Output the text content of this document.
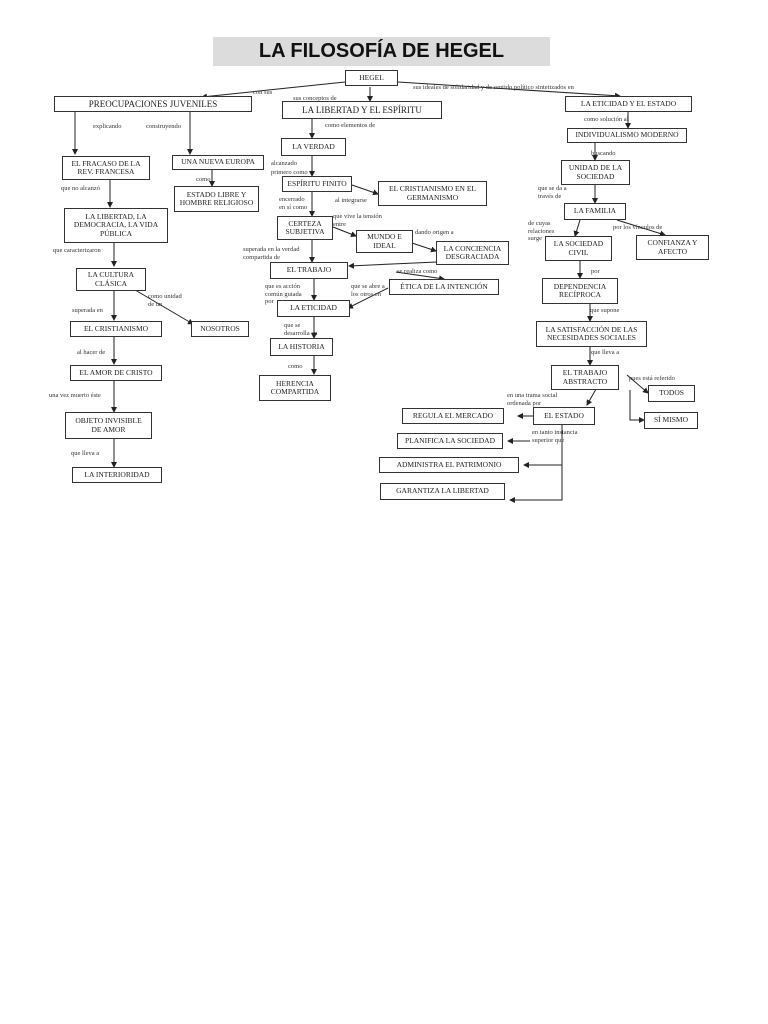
LA FILOSOFÍA DE HEGEL
HEGEL
PREOCUPACIONES JUVENILES
LA LIBERTAD Y EL ESPÍRITU
LA ETICIDAD Y EL ESTADO
INDIVIDUALISMO MODERNO
EL FRACASO DE LA
REV. FRANCESA
UNA NUEVA EUROPA
LA VERDAD
UNIDAD DE LA
SOCIEDAD
ESPÍRITU FINITO
EL CRISTIANISMO EN EL
GERMANISMO
ESTADO LIBRE Y
HOMBRE RELIGIOSO
LA LIBERTAD, LA
DEMOCRACIA, LA VIDA
PÚBLICA
LA FAMILIA
CERTEZA
SUBJETIVA
MUNDO E
IDEAL	LA CONCIENCIA
DESGRACIADA
LA SOCIEDAD
CIVIL
CONFIANZA Y
AFECTO
LA CULTURA
CLÁSICA
EL TRABAJO
ÉTICA DE LA INTENCIÓN	DEPENDENCIA
RECÍPROCA
LA ETICIDAD
EL CRISTIANISMO	NOSOTROS	LA SATISFACCIÓN DE LAS
NECESIDADES SOCIALES
LA HISTORIA
EL AMOR DE CRISTO	EL TRABAJO
ABSTRACTO
HERENCIA
COMPARTIDA	TODOS
REGULA EL MERCADO	EL ESTADO	SÍ MISMO
OBJETO INVISIBLE
DE AMOR
PLANIFICA LA SOCIEDAD
ADMINISTRA EL PATRIMONIO
LA INTERIORIDAD
GARANTIZA LA LIBERTAD
con sus
sus conceptos de
sus ideales de solidaridad y de sentido político sintetizados en
explicando	construyendo	como elementos de
como solución al
buscando
alcanzado
primero como
como
que no alcanzó
encerrado
en sí como
al integrarse
que se da a
través de
que vive la tensión
entre
dando origen a
de cuyas
relaciones
surge
por los vínculos de
que caracterizaron	superada en la verdad
compartida de
se realiza como	por
superada en
como unidad
de un
que es acción
común guiada
por
que se abre a
los otros en
que supone
al hacer de
que se
desarrolla en
que lleva a
pues está referido
como
una vez muerto éste	en una trama social
ordenada por
en tanto instancia
superior que
que lleva a
